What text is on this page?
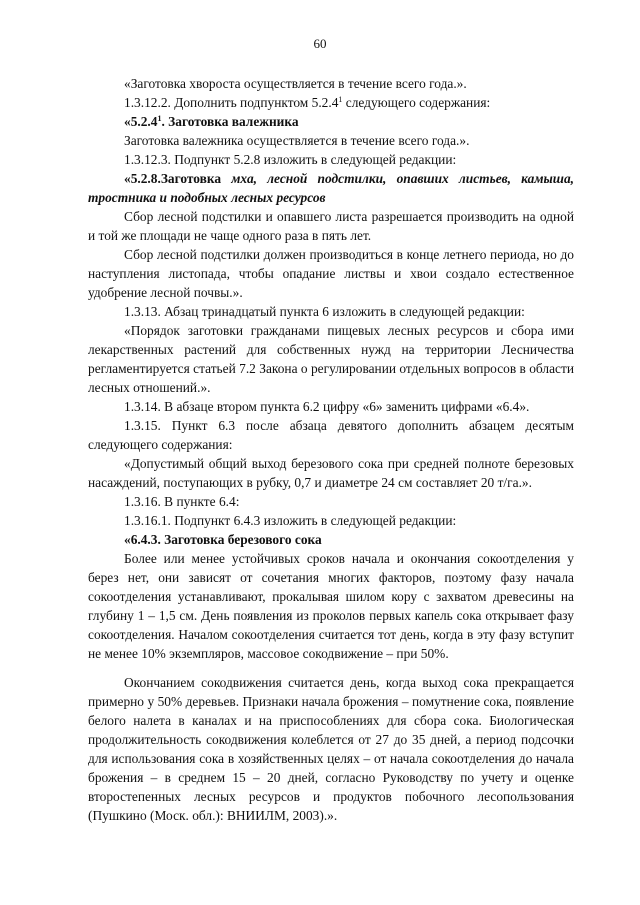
60

«Заготовка хвороста осуществляется в течение всего года.».

1.3.12.2. Дополнить подпунктом 5.2.4$^1$ следующего содержания:

«5.2.4$^1$. Заготовка валежника

Заготовка валежника осуществляется в течение всего года.».

1.3.12.3. Подпункт 5.2.8 изложить в следующей редакции:

«5.2.8.Заготовка мха, лесной подстилки, опавших листьев, камыша, тростника и подобных лесных ресурсов

Сбор лесной подстилки и опавшего листа разрешается производить на одной и той же площади не чаще одного раза в пять лет.

Сбор лесной подстилки должен производиться в конце летнего периода, но до наступления листопада, чтобы опадание листвы и хвои создало естественное удобрение лесной почвы.».

1.3.13. Абзац тринадцатый пункта 6 изложить в следующей редакции:

«Порядок заготовки гражданами пищевых лесных ресурсов и сбора ими лекарственных растений для собственных нужд на территории Лесничества регламентируется статьей 7.2 Закона о регулировании отдельных вопросов в области лесных отношений.».

1.3.14. В абзаце втором пункта 6.2 цифру «6» заменить цифрами «6.4».

1.3.15. Пункт 6.3 после абзаца девятого дополнить абзацем десятым следующего содержания:

«Допустимый общий выход березового сока при средней полноте березовых насаждений, поступающих в рубку, 0,7 и диаметре 24 см составляет 20 т/га.».

1.3.16. В пункте 6.4:

1.3.16.1. Подпункт 6.4.3 изложить в следующей редакции:

«6.4.3. Заготовка березового сока

Более или менее устойчивых сроков начала и окончания сокоотделения у берез нет, они зависят от сочетания многих факторов, поэтому фазу начала сокоотделения устанавливают, прокалывая шилом кору с захватом древесины на глубину 1 – 1,5 см. День появления из проколов первых капель сока открывает фазу сокоотделения. Началом сокоотделения считается тот день, когда в эту фазу вступит не менее 10% экземпляров, массовое сокодвижение – при 50%.

Окончанием сокодвижения считается день, когда выход сока прекращается примерно у 50% деревьев. Признаки начала брожения – помутнение сока, появление белого налета в каналах и на приспособлениях для сбора сока. Биологическая продолжительность сокодвижения колеблется от 27 до 35 дней, а период подсочки для использования сока в хозяйственных целях – от начала сокоотделения до начала брожения – в среднем 15 – 20 дней, согласно Руководству по учету и оценке второстепенных лесных ресурсов и продуктов побочного лесопользования (Пушкино (Моск. обл.): ВНИИЛМ, 2003).».
